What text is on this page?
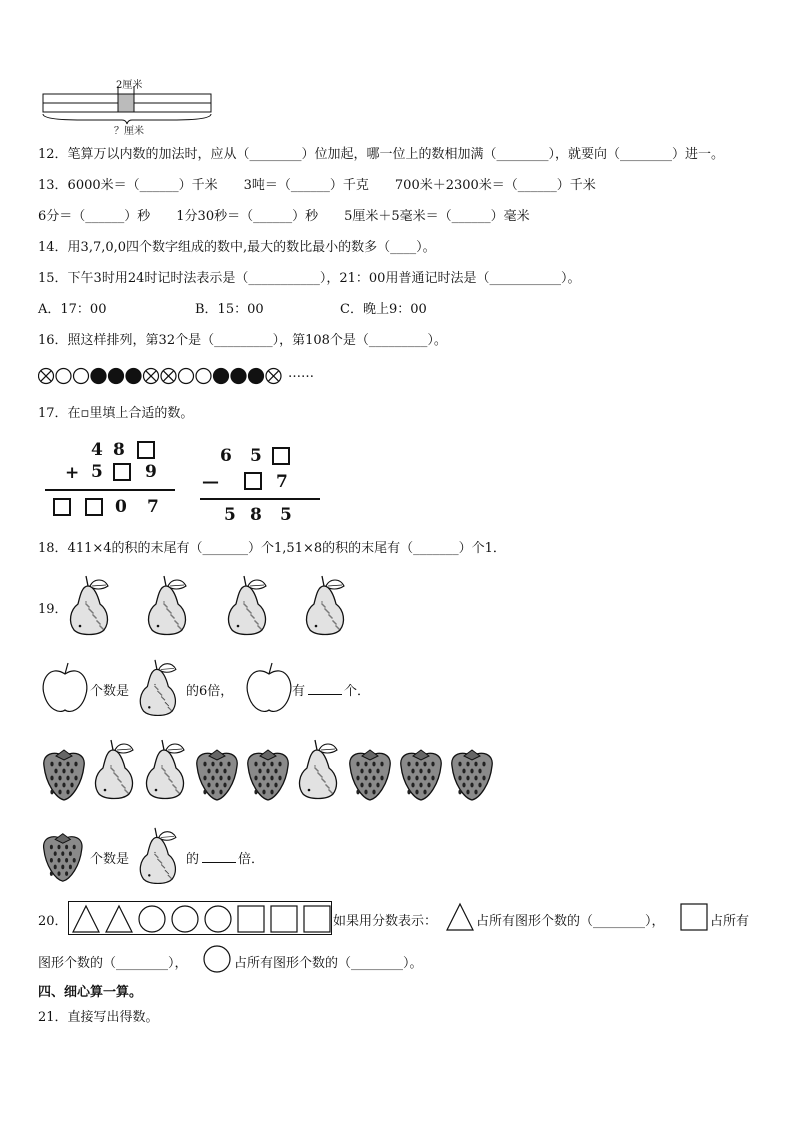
2厘米
？厘米
12．笔算万以内数的加法时，应从（________）位加起，哪一位上的数相加满（________），就要向（________）进一。
13．6000米＝（______）千米　　3吨＝（______）千克　　700米＋2300米＝（______）千米
6分＝（______）秒　　1分30秒＝（______）秒　　5厘米＋5毫米＝（______）毫米
14．用3,7,0,0四个数字组成的数中,最大的数比最小的数多（____）。
15．下午3时用24时记时法表示是（___________），21：00用普通记时法是（___________）。
A．17：00	B．15：00	C．晚上9：00
16．照这样排列，第32个是（_________），第108个是（_________）。
……
17．在▫里填上合适的数。
4 8
+ 5 9
0 7
6 5
—	7
5 8 5
18．411×4的积的末尾有（_______）个1,51×8的积的末尾有（_______）个1．
19．
个数是	的6倍，	有	个．
个数是	的	倍．
20．	如果用分数表示：	占所有图形个数的（________），	占所有
图形个数的（________），	占所有图形个数的（________）。
四、细心算一算。
21．直接写出得数。
